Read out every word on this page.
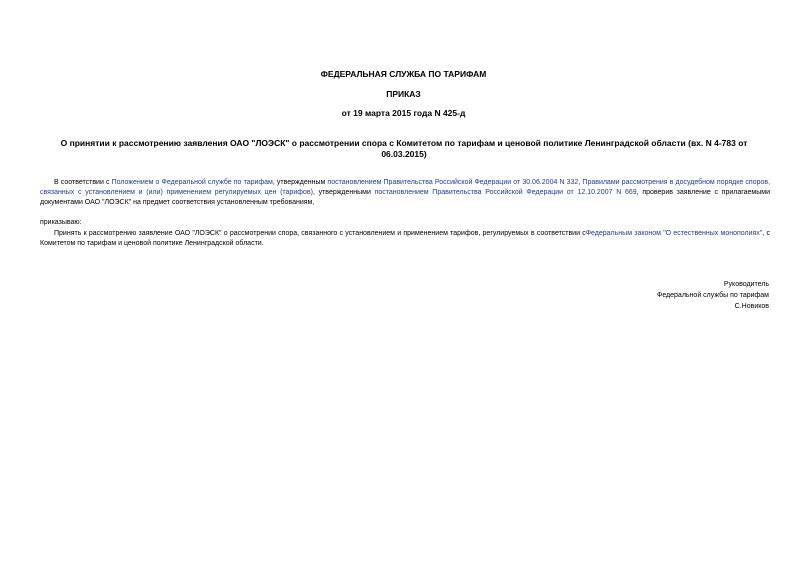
ФЕДЕРАЛЬНАЯ СЛУЖБА ПО ТАРИФАМ
ПРИКАЗ
от 19 марта 2015 года N 425-д
О принятии к рассмотрению заявления ОАО "ЛОЭСК" о рассмотрении спора с Комитетом по тарифам и ценовой политике Ленинградской области (вх. N 4-783 от 06.03.2015)
В соответствии с Положением о Федеральной службе по тарифам, утвержденным постановлением Правительства Российской Федерации от 30.06.2004 N 332, Правилами рассмотрения в досудебном порядке споров, связанных с установлением и (или) применением регулируемых цен (тарифов), утвержденными постановлением Правительства Российской Федерации от 12.10.2007 N 669, проверив заявление с прилагаемыми документами ОАО "ЛОЭСК" на предмет соответствия установленным требованиям,
приказываю:
Принять к рассмотрению заявление ОАО "ЛОЭСК" о рассмотрении спора, связанного с установлением и применением тарифов, регулируемых в соответствии сФедеральным законом "О естественных монополиях", с Комитетом по тарифам и ценовой политике Ленинградской области.
Руководитель
Федеральной службы по тарифам
С.Новиков
